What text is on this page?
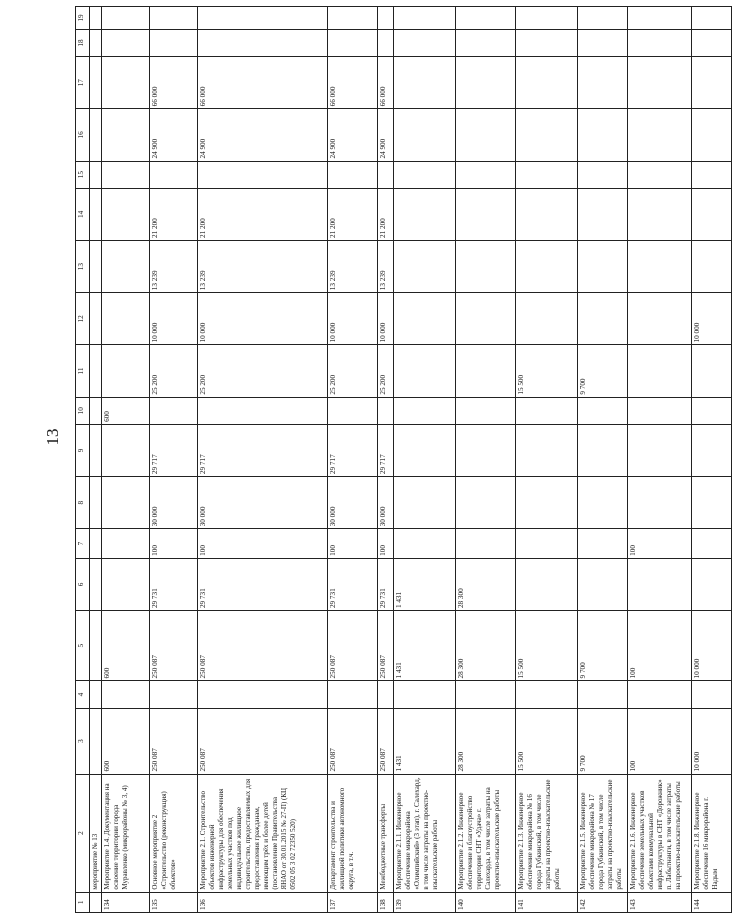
13
1	2	3	4	5	6	7	8	9	10	11	12	13	14	15	16	17	18	19
	мероприятие № 13																	
134	Мероприятие 1.4. Документация на освоение территории города Муравленко (микрорайоны № 3, 4)	600		600					600									
135	Основное мероприятие 2 «Строительство (реконструкция) объектов»	250 087		250 087	29 731	100	30 000	29 717		25 200	10 000	13 239	21 200		24 900	66 000		
136	Мероприятие 2.1. Строительство объектов инженерной инфраструктуры для обеспечения земельных участков под индивидуальное жилищное строительство, предоставляемых для предоставления гражданам, имеющим трёх и более детей (постановление Правительства ЯНАО от 30.01.2015 № 27-П) (КЦ 0502 05 3 02 72350 520)	250 087		250 087	29 731	100	30 000	29 717		25 200	10 000	13 239	21 200		24 900	66 000		
137	Департамент строительства и жилищной политики автономного округа, в т.ч.	250 087		250 087	29 731	100	30 000	29 717		25 200	10 000	13 239	21 200		24 900	66 000		
138	Межбюджетные трансферты	250 087		250 087	29 731	100	30 000	29 717		25 200	10 000	13 239	21 200		24 900	66 000		
139	Мероприятие 2.1.1. Инженерное обеспечение микрорайона «Олимпийский» (3 этап), г. Салехард, в том числе затраты на проектно-изыскательские работы	1 431		1 431	1 431													
140	Мероприятие 2.1.2. Инженерное обеспечение и благоустройство территории СНТ «Удача» г. Салехарда, в том числе затраты на проектно-изыскательские работы	28 300		28 300	28 300													
141	Мероприятие 2.1.3. Инженерное обеспечение микрорайона № 16 города Губкинский, в том числе затраты на проектно-изыскательские работы	15 500		15 500						15 500								
142	Мероприятие 2.1.5. Инженерное обеспечение микрорайона № 17 города Губкинский, в том числе затраты на проектно-изыскательские работы	9 700		9 700						9 700								
143	Мероприятие 2.1.6. Инженерное обеспечение земельных участков объектами коммунальной инфраструктуры в СНТ «Дорожник» п. Лабытнанги, в том числе затраты на проектно-изыскательские работы	100		100		100												
144	Мероприятие 2.1.8. Инженерное обеспечение 16 микрорайона г. Надым	10 000		10 000							10 000							
